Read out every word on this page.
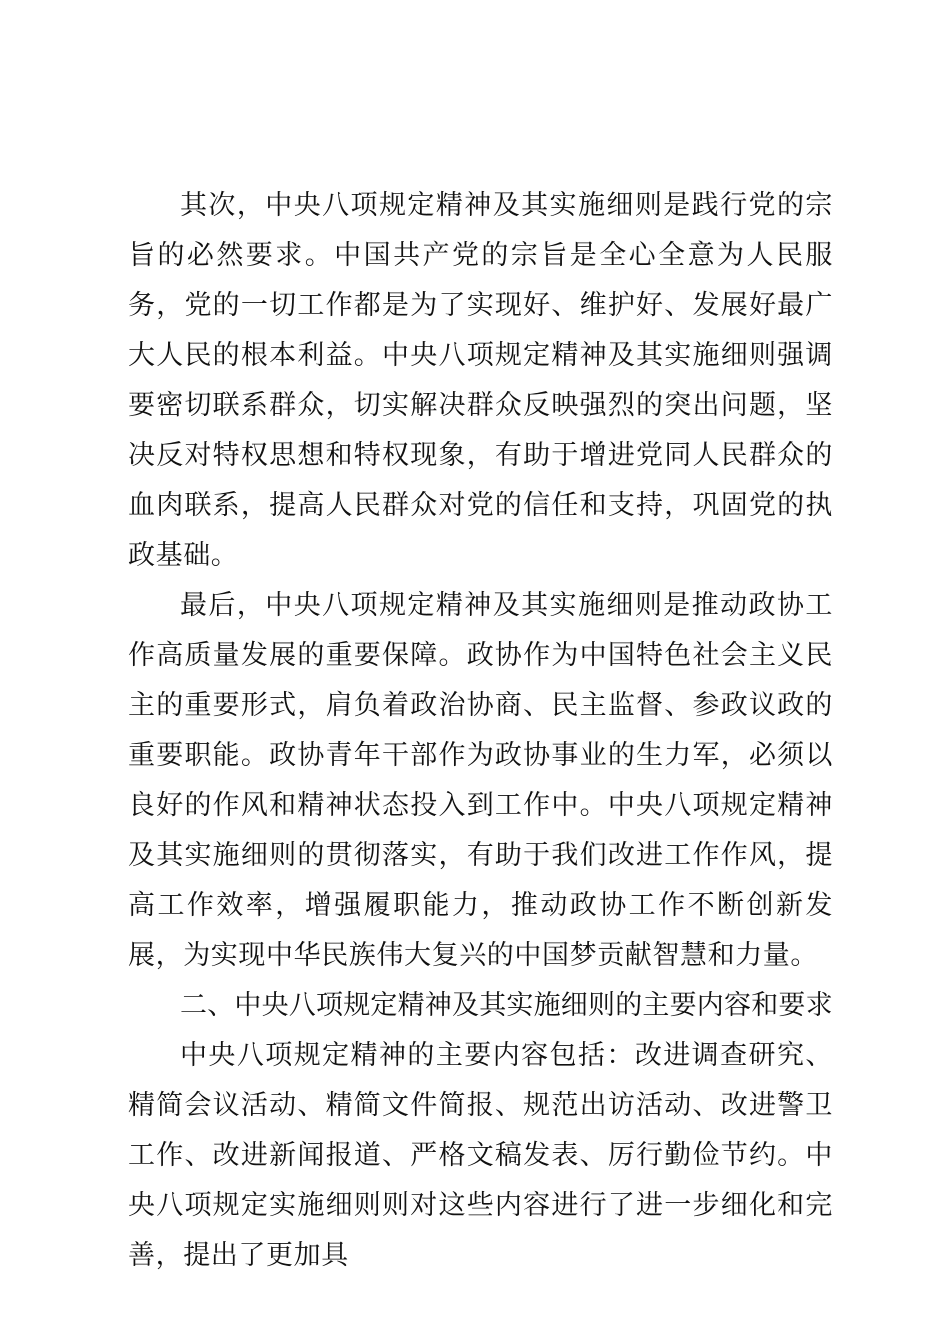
其次，中央八项规定精神及其实施细则是践行党的宗旨的必然要求。中国共产党的宗旨是全心全意为人民服务，党的一切工作都是为了实现好、维护好、发展好最广大人民的根本利益。中央八项规定精神及其实施细则强调要密切联系群众，切实解决群众反映强烈的突出问题，坚决反对特权思想和特权现象，有助于增进党同人民群众的血肉联系，提高人民群众对党的信任和支持，巩固党的执政基础。

最后，中央八项规定精神及其实施细则是推动政协工作高质量发展的重要保障。政协作为中国特色社会主义民主的重要形式，肩负着政治协商、民主监督、参政议政的重要职能。政协青年干部作为政协事业的生力军，必须以良好的作风和精神状态投入到工作中。中央八项规定精神及其实施细则的贯彻落实，有助于我们改进工作作风，提高工作效率，增强履职能力，推动政协工作不断创新发展，为实现中华民族伟大复兴的中国梦贡献智慧和力量。

二、中央八项规定精神及其实施细则的主要内容和要求

中央八项规定精神的主要内容包括：改进调查研究、精简会议活动、精简文件简报、规范出访活动、改进警卫工作、改进新闻报道、严格文稿发表、厉行勤俭节约。中央八项规定实施细则则对这些内容进行了进一步细化和完善，提出了更加具
